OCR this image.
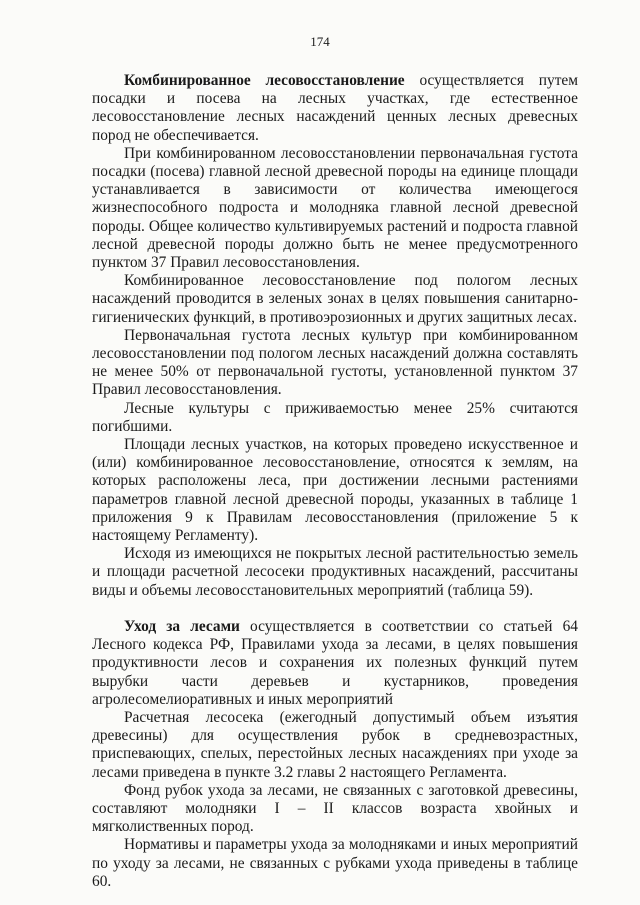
174

Комбинированное лесовосстановление осуществляется путем посадки и посева на лесных участках, где естественное лесовосстановление лесных насаждений ценных лесных древесных пород не обеспечивается.

При комбинированном лесовосстановлении первоначальная густота посадки (посева) главной лесной древесной породы на единице площади устанавливается в зависимости от количества имеющегося жизнеспособного подроста и молодняка главной лесной древесной породы. Общее количество культивируемых растений и подроста главной лесной древесной породы должно быть не менее предусмотренного пунктом 37 Правил лесовосстановления.

Комбинированное лесовосстановление под пологом лесных насаждений проводится в зеленых зонах в целях повышения санитарно-гигиенических функций, в противоэрозионных и других защитных лесах.

Первоначальная густота лесных культур при комбинированном лесовосстановлении под пологом лесных насаждений должна составлять не менее 50% от первоначальной густоты, установленной пунктом 37 Правил лесовосстановления.

Лесные культуры с приживаемостью менее 25% считаются погибшими.

Площади лесных участков, на которых проведено искусственное и (или) комбинированное лесовосстановление, относятся к землям, на которых расположены леса, при достижении лесными растениями параметров главной лесной древесной породы, указанных в таблице 1 приложения 9 к Правилам лесовосстановления (приложение 5 к настоящему Регламенту).

Исходя из имеющихся не покрытых лесной растительностью земель и площади расчетной лесосеки продуктивных насаждений, рассчитаны виды и объемы лесовосстановительных мероприятий (таблица 59).

Уход за лесами осуществляется в соответствии со статьей 64 Лесного кодекса РФ, Правилами ухода за лесами, в целях повышения продуктивности лесов и сохранения их полезных функций путем вырубки части деревьев и кустарников, проведения агролесомелиоративных и иных мероприятий

Расчетная лесосека (ежегодный допустимый объем изъятия древесины) для осуществления рубок в средневозрастных, приспевающих, спелых, перестойных лесных насаждениях при уходе за лесами приведена в пункте 3.2 главы 2 настоящего Регламента.

Фонд рубок ухода за лесами, не связанных с заготовкой древесины, составляют молодняки I – II классов возраста хвойных и мягколиственных пород.

Нормативы и параметры ухода за молодняками и иных мероприятий по уходу за лесами, не связанных с рубками ухода приведены в таблице 60.
